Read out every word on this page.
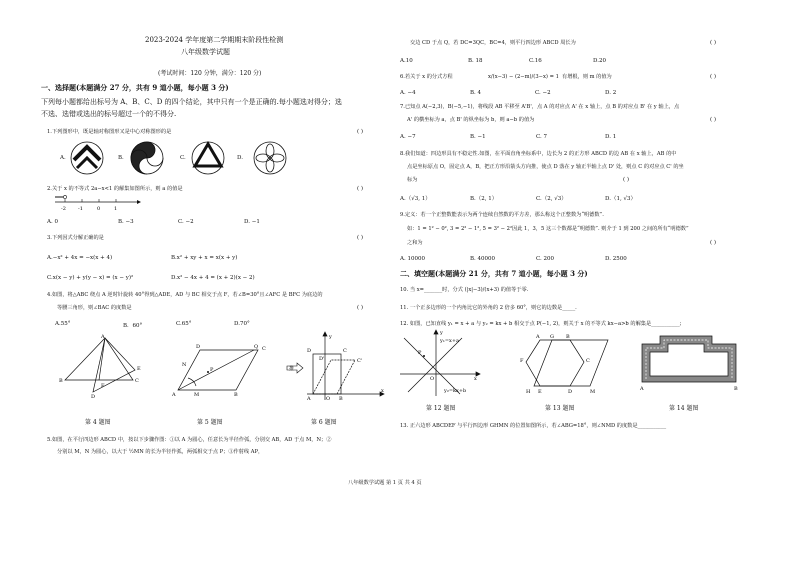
2023-2024 学年度第二学期期末阶段性检测
八年级数学试题
(考试时间：120 分钟，满分：120 分)
一、选择题(本题满分 27 分，共有 9 道小题，每小题 3 分)
下列每小题都给出标号为 A、B、C、D 的四个结论，其中只有一个是正确的.每小题选对得分；选
不选、选错或选出的标号超过一个的不得分.
1.下列图形中，既是轴对称图形又是中心对称图形的是	( )
A.	B.	C.	D.
2.关于 x 的不等式 2a−x<1 的解集如图所示，则 a 的值是	( )
-2 -1	0	1
A. 0	B. −3	C. −2	D. −1
3.下列因式分解正确的是	( )
A.−x² + 4x = −x(x + 4)	B.x² + xy + x = x(x + y)
C.x(x − y) + y(y − x) = (x − y)²	D.x² − 4x + 4 = (x + 2)(x − 2)
4.如图，将△ABC 绕点 A 逆时针旋转 40°得到△ADE，AD 与 BC 相交于点 F，若∠B=30°且∠AFC 是 BFC 为底边的
等腰三角形，则∠BAC 的度数是	( )
A.55°	B．60°	C.65°	D.70°
A
B	C
D
E
F
D	Q C
A	B
N
M
P	推
D
D'
C
C'
A	B
O
x
y
第 4 题图	第 5 题图	第 6 题图
5.如图，在平行四边形 ABCD 中，按以下步骤作图：①以 A 为圆心，任意长为半径作弧，分别交 AB，AD 于点 M，N；②
分别以 M，N 为圆心，以大于 ½MN 的长为半径作弧，两弧相交于点 P；③作射线 AP，
八年级数学试题 第 1 页 共 4 页
交边 CD 于点 Q，若 DC=3QC，BC=4，则平行四边形 ABCD 周长为	( )
A.10	B. 18	C.16	D.20
6.若关于 x 的分式方程	x/(x−3) − (2−m)/(3−x) = 1 有增根，则 m 的值为	( )
A. −4	B. 4	C. −2	D. 2
7.已知点 A(−2,3)，B(−5,−1)，将线段 AB 平移至 A'B'，点 A 的对应点 A' 在 x 轴上，点 B 的对应点 B' 在 y 轴上，点
A' 的横坐标为 a，点 B' 的纵坐标为 b，则 a−b 的值为	( )
A. −7	B. −1	C. 7	D. 1
8.我们知道：四边形具有不稳定性.如图，在平面直角坐标系中，边长为 2 的正方形 ABCD 的边 AB 在 x 轴上，AB 的中
点是坐标原点 O，固定点 A，B，把正方形沿箭头方向推，使点 D 落在 y 轴正半轴上点 D' 处，则点 C 的对应点 C' 的坐
标为	( )
A.（√3, 1）	B.（2, 1）	C.（2, √3）	D.（1, √3）
9.定义：若一个正整数能表示为两个连续自然数的平方差，那么称这个正整数为“明德数”.
如：1 = 1² − 0², 3 = 2² − 1², 5 = 3² − 2²因此 1，3，5 这三个数都是“明德数”. 则介于 1 到 200 之间的所有“明德数”
之和为	( )
A. 10000	B. 40000	C. 200	D. 2500
二、填空题(本题满分 21 分，共有 7 道小题，每小题 3 分)
10. 当 x=_______时，分式 (|x|−3)/(x+3) 的值等于零.
11. 一个正多边形的一个内角比它的外角的 2 倍多 60°，则它的边数是_____.
12. 如图，已知直线 y₁ = x + a 与 y₂ = kx + b 相交于点 P(−1, 2)，则关于 x 的不等式 kx−a>b 的解集是___________;
y₁=x+a
y₂=kx+b
P
O	x
y
A G B
C
F
H E	D	M	A	B
第 12 题图	第 13 题图	第 14 题图
13. 正六边形 ABCDEF 与平行四边形 GHMN 的位置如图所示，若∠ABG=18°，则∠NMD 的度数是___________
